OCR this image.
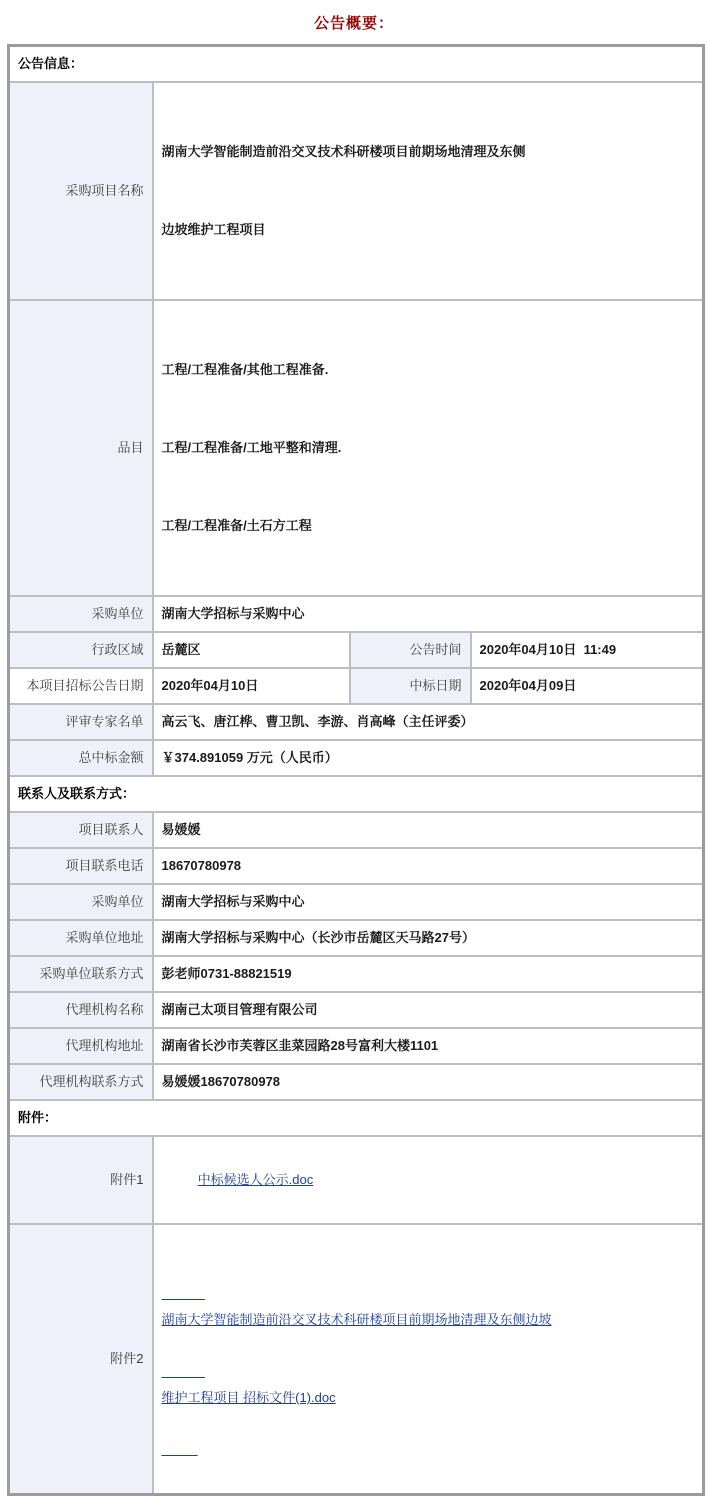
公告概要：
公告信息：			
采购项目名称	湖南大学智能制造前沿交叉技术科研楼项目前期场地清理及东侧

边坡维护工程项目		

品目	工程/工程准备/其他工程准备.

工程/工程准备/工地平整和清理.

工程/工程准备/土石方工程		

采购单位	湖南大学招标与采购中心		
行政区域	岳麓区	公告时间	2020年04月10日  11:49
本项目招标公告日期	2020年04月10日	中标日期	2020年04月09日
评审专家名单	高云飞、唐江桦、曹卫凯、李游、肖高峰（主任评委）		
总中标金额	￥374.891059 万元（人民币）		
联系人及联系方式：			
项目联系人	易媛媛		
项目联系电话	18670780978		
采购单位	湖南大学招标与采购中心		
采购单位地址	湖南大学招标与采购中心（长沙市岳麓区天马路27号）		
采购单位联系方式	彭老师0731-88821519		
代理机构名称	湖南己太项目管理有限公司		
代理机构地址	湖南省长沙市芙蓉区韭菜园路28号富利大楼1101		
代理机构联系方式	易媛媛18670780978		
附件：			
附件1	中标候选人公示.doc		

附件2	湖南大学智能制造前沿交叉技术科研楼项目前期场地清理及东侧边坡

维护工程项目 招标文件(1).doc		
